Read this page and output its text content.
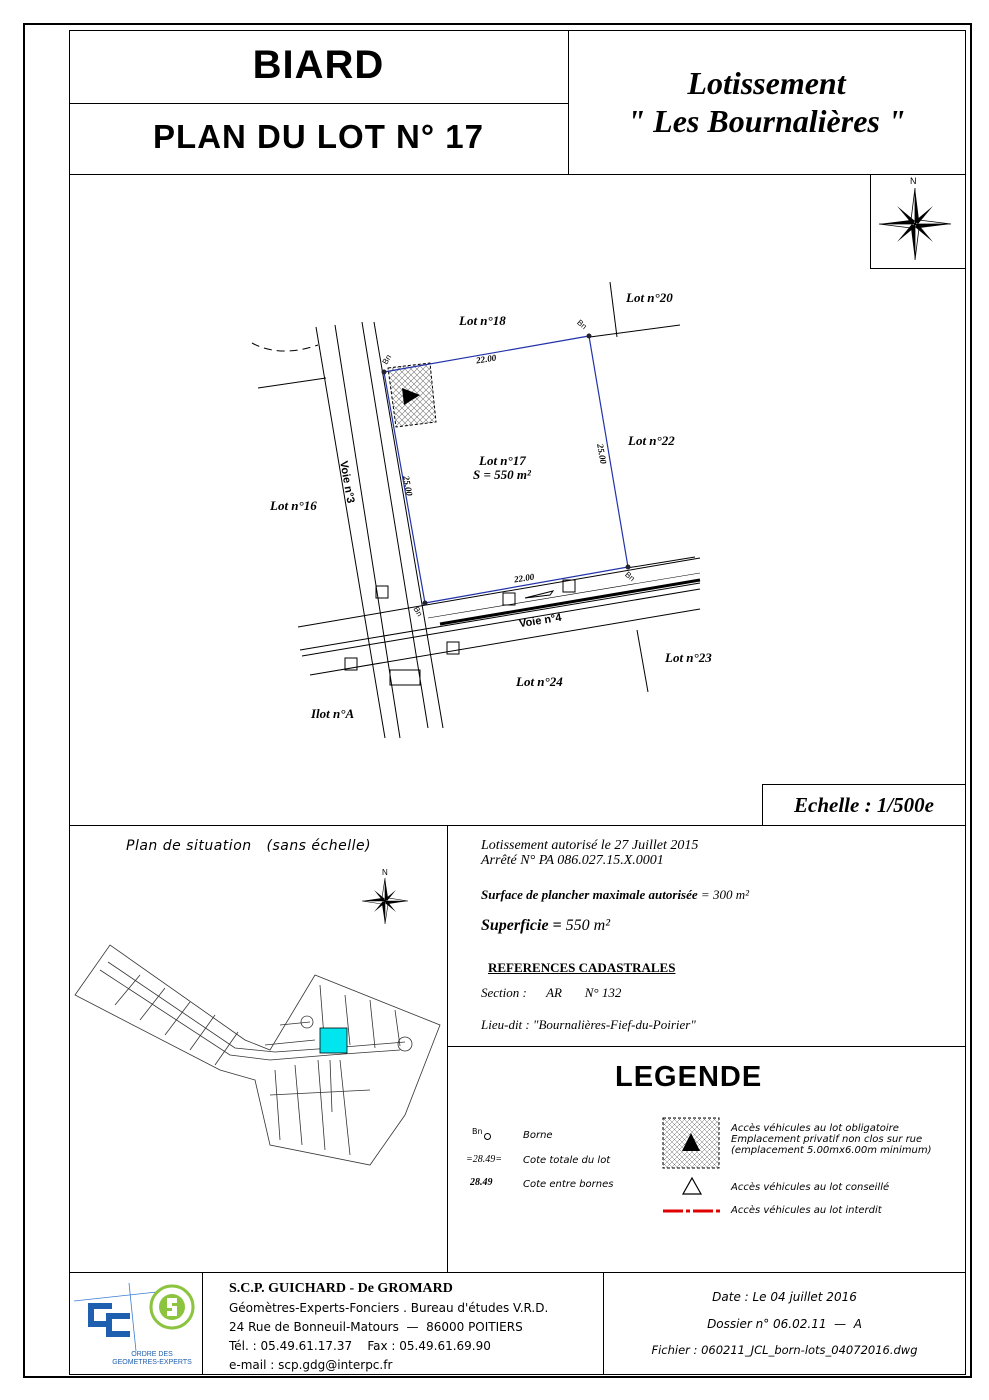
BIARD
PLAN DU LOT N° 17
Lotissement
" Les Bournalières "
N
Lot n°18
Lot n°20
Lot n°22
Lot n°16
Lot n°23
Lot n°24
Ilot n°A
Lot n°17
S = 550 m²
Voie n°3
Voie n°4
22.00
22.00
25.00
25.00
Bn
Bn
Bn
Bn
Echelle : 1/500e
Plan de situation   (sans échelle)
N
Lotissement autorisé le 27 Juillet 2015
Arrêté N° PA 086.027.15.X.0001
Surface de plancher maximale autorisée = 300 m²
Superficie = 550 m²
REFERENCES CADASTRALES
Section :      AR       N° 132
Lieu-dit : "Bournalières-Fief-du-Poirier"
LEGENDE
Bn	Borne
=28.49= Cote totale du lot
28.49	Cote entre bornes
Accès véhicules au lot obligatoire
Emplacement privatif non clos sur rue
(emplacement 5.00mx6.00m minimum)
Accès véhicules au lot conseillé
Accès véhicules au lot interdit
ORDRE DES
GEOMETRES-EXPERTS
S.C.P. GUICHARD - De GROMARD
Géomètres-Experts-Fonciers . Bureau d'études V.R.D.
24 Rue de Bonneuil-Matours  —  86000 POITIERS
Tél. : 05.49.61.17.37    Fax : 05.49.61.69.90
e-mail : scp.gdg@interpc.fr
Date : Le 04 juillet 2016
Dossier n° 06.02.11  —  A
Fichier : 060211_JCL_born-lots_04072016.dwg
